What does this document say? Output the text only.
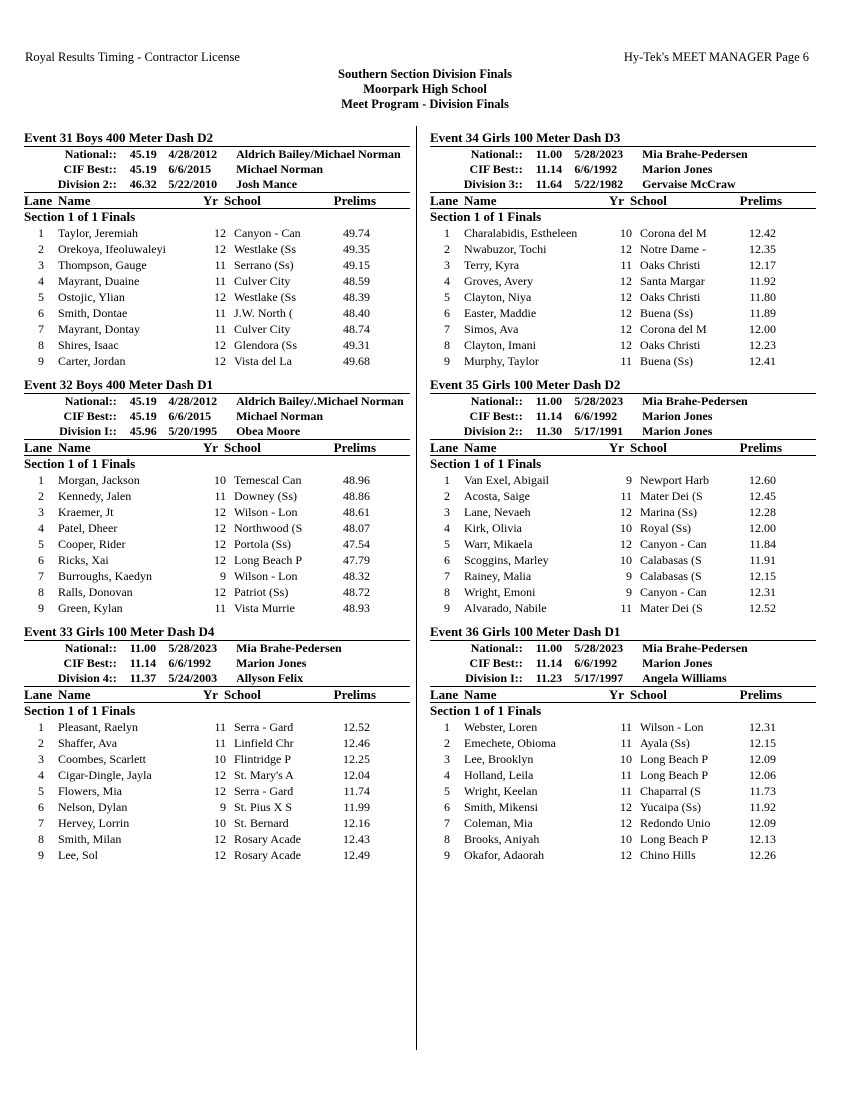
Royal Results Timing - Contractor License	Hy-Tek's MEET MANAGER Page 6
Southern Section Division Finals
Moorpark High School
Meet Program - Division Finals
Event 31 Boys 400 Meter Dash D2
National:: 45.19 4/28/2012	Aldrich Bailey/Michael Norman
CIF Best:: 45.19 6/6/2015	Michael Norman
Division 2:: 46.32 5/22/2010	Josh Mance
Lane Name	Yr School	Prelims
Section 1 of 1 Finals
1	Taylor, Jeremiah	12 Canyon - Can	49.74
2	Orekoya, Ifeoluwaleyi	12 Westlake (Ss	49.35
3	Thompson, Gauge	11 Serrano (Ss)	49.15
4	Mayrant, Duaine	11 Culver City	48.59
5	Ostojic, Ylian	12 Westlake (Ss	48.39
6	Smith, Dontae	11 J.W. North (	48.40
7	Mayrant, Dontay	11 Culver City	48.74
8	Shires, Isaac	12 Glendora (Ss	49.31
9	Carter, Jordan	12 Vista del La	49.68
Event 32 Boys 400 Meter Dash D1
National:: 45.19 4/28/2012	Aldrich Bailey/.Michael Norman
CIF Best:: 45.19 6/6/2015	Michael Norman
Division I:: 45.96 5/20/1995	Obea Moore
Lane Name	Yr School	Prelims
Section 1 of 1 Finals
1	Morgan, Jackson	10 Temescal Can	48.96
2	Kennedy, Jalen	11 Downey (Ss)	48.86
3	Kraemer, Jt	12 Wilson - Lon	48.61
4	Patel, Dheer	12 Northwood (S	48.07
5	Cooper, Rider	12 Portola (Ss)	47.54
6	Ricks, Xai	12 Long Beach P	47.79
7	Burroughs, Kaedyn	9 Wilson - Lon	48.32
8	Ralls, Donovan	12 Patriot (Ss)	48.72
9	Green, Kylan	11 Vista Murrie	48.93
Event 33 Girls 100 Meter Dash D4
National:: 11.00	5/28/2023	Mia Brahe-Pedersen
CIF Best:: 11.14	6/6/1992	Marion Jones
Division 4:: 11.37	5/24/2003	Allyson Felix
Lane Name	Yr School	Prelims
Section 1 of 1 Finals
1	Pleasant, Raelyn	11 Serra - Gard	12.52
2	Shaffer, Ava	11 Linfield Chr	12.46
3	Coombes, Scarlett	10 Flintridge P	12.25
4	Cigar-Dingle, Jayla	12 St. Mary's A	12.04
5	Flowers, Mia	12 Serra - Gard	11.74
6	Nelson, Dylan	9 St. Pius X S	11.99
7	Hervey, Lorrin	10 St. Bernard	12.16
8	Smith, Milan	12 Rosary Acade	12.43
9	Lee, Sol	12 Rosary Acade	12.49
Event 34 Girls 100 Meter Dash D3
National:: 11.00	5/28/2023	Mia Brahe-Pedersen
CIF Best:: 11.14	6/6/1992	Marion Jones
Division 3:: 11.64	5/22/1982	Gervaise McCraw
Lane Name	Yr School	Prelims
Section 1 of 1 Finals
1	Charalabidis, Estheleen	10 Corona del M	12.42
2	Nwabuzor, Tochi	12 Notre Dame -	12.35
3	Terry, Kyra	11 Oaks Christi	12.17
4	Groves, Avery	12 Santa Margar	11.92
5	Clayton, Niya	12 Oaks Christi	11.80
6	Easter, Maddie	12 Buena (Ss)	11.89
7	Simos, Ava	12 Corona del M	12.00
8	Clayton, Imani	12 Oaks Christi	12.23
9	Murphy, Taylor	11 Buena (Ss)	12.41
Event 35 Girls 100 Meter Dash D2
National:: 11.00	5/28/2023	Mia Brahe-Pedersen
CIF Best:: 11.14	6/6/1992	Marion Jones
Division 2:: 11.30	5/17/1991	Marion Jones
Lane Name	Yr School	Prelims
Section 1 of 1 Finals
1	Van Exel, Abigail	9 Newport Harb	12.60
2	Acosta, Saige	11 Mater Dei (S	12.45
3	Lane, Nevaeh	12 Marina (Ss)	12.28
4	Kirk, Olivia	10 Royal (Ss)	12.00
5	Warr, Mikaela	12 Canyon - Can	11.84
6	Scoggins, Marley	10 Calabasas (S	11.91
7	Rainey, Malia	9 Calabasas (S	12.15
8	Wright, Emoni	9 Canyon - Can	12.31
9	Alvarado, Nabile	11 Mater Dei (S	12.52
Event 36 Girls 100 Meter Dash D1
National:: 11.00	5/28/2023	Mia Brahe-Pedersen
CIF Best:: 11.14	6/6/1992	Marion Jones
Division I:: 11.23	5/17/1997	Angela Williams
Lane Name	Yr School	Prelims
Section 1 of 1 Finals
1	Webster, Loren	11 Wilson - Lon	12.31
2	Emechete, Obioma	11 Ayala (Ss)	12.15
3	Lee, Brooklyn	10 Long Beach P	12.09
4	Holland, Leila	11 Long Beach P	12.06
5	Wright, Keelan	11 Chaparral (S	11.73
6	Smith, Mikensi	12 Yucaipa (Ss)	11.92
7	Coleman, Mia	12 Redondo Unio	12.09
8	Brooks, Aniyah	10 Long Beach P	12.13
9	Okafor, Adaorah	12 Chino Hills	12.26
